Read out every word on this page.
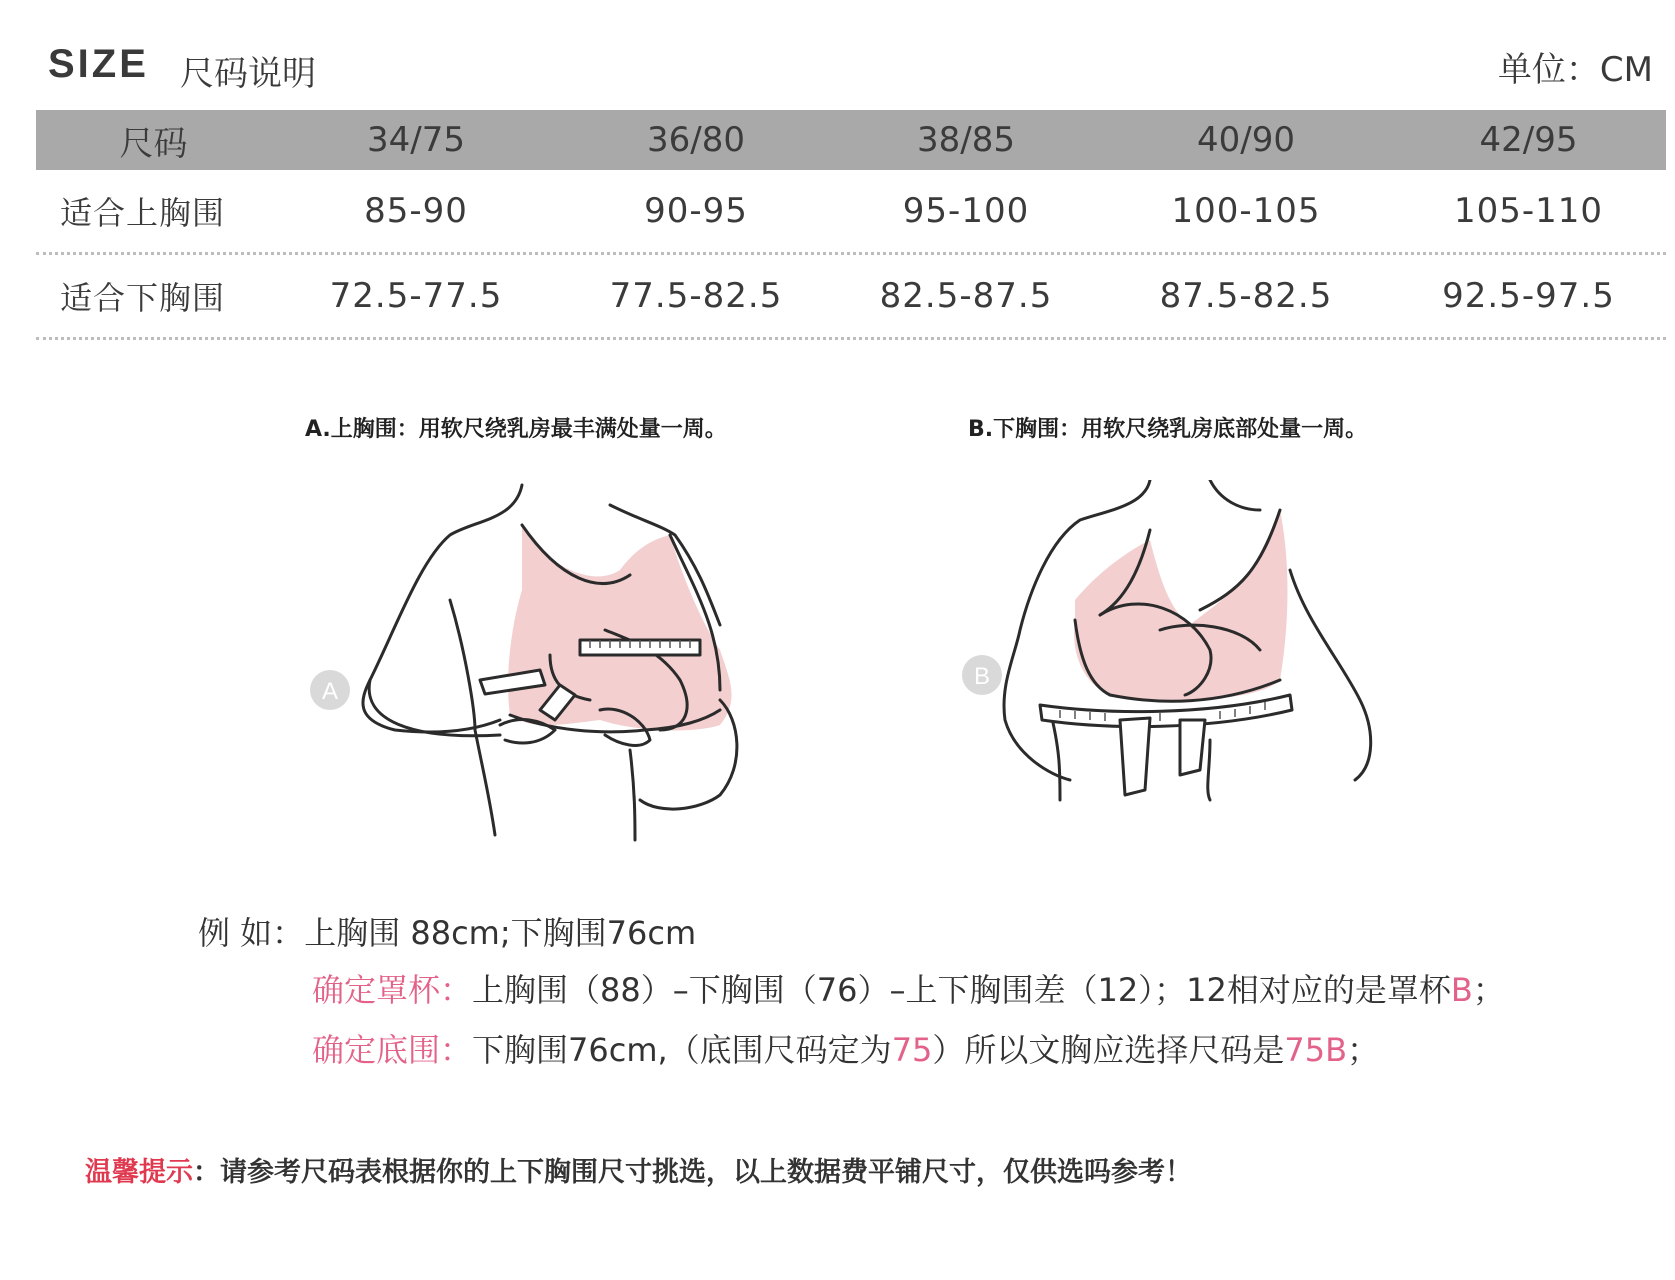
SIZE 尺码说明	单位：CM
尺码	34/75	36/80	38/85	40/90	42/95
适合上胸围	85-90	90-95	95-100	100-105	105-110
适合下胸围	72.5-77.5	77.5-82.5	82.5-87.5	87.5-82.5	92.5-97.5
A.上胸围：用软尺绕乳房最丰满处量一周。	B.下胸围：用软尺绕乳房底部处量一周。
A
B
例 如：上胸围 88cm;下胸围76cm
确定罩杯：上胸围（88）–下胸围（76）–上下胸围差（12）；12相对应的是罩杯B；
确定底围：下胸围76cm,（底围尺码定为75）所以文胸应选择尺码是75B；
温馨提示：请参考尺码表根据你的上下胸围尺寸挑选，以上数据费平铺尺寸，仅供选吗参考！
